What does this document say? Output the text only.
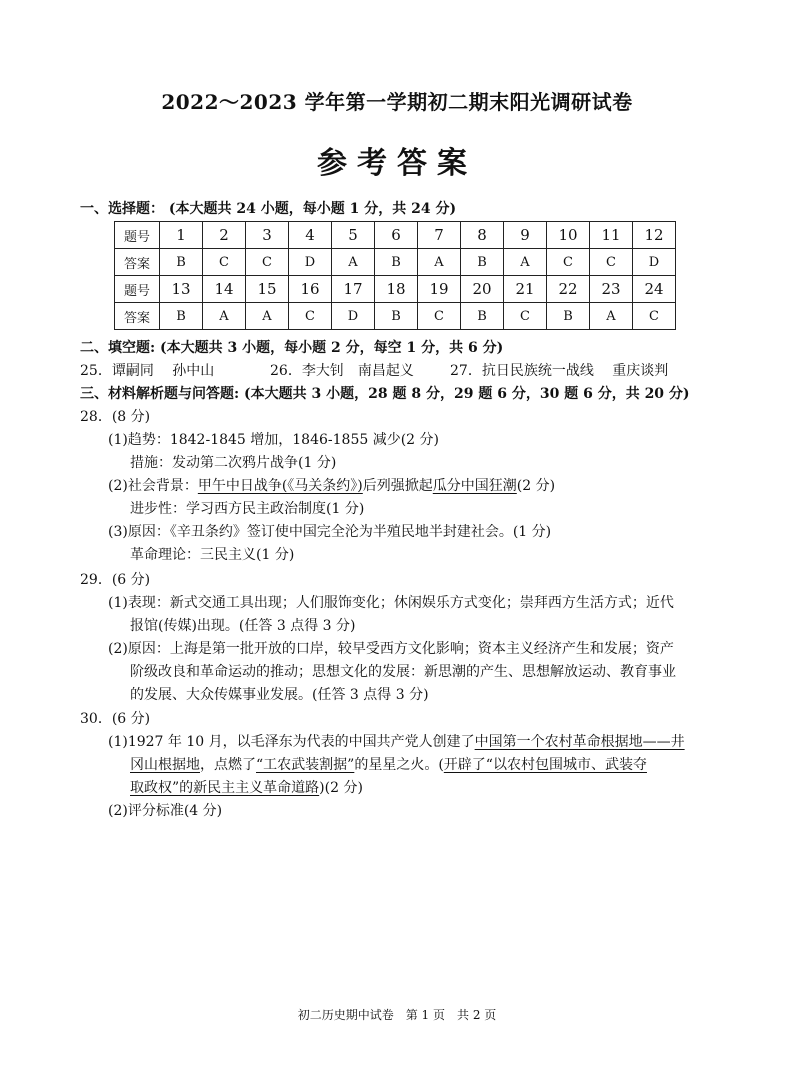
2022～2023 学年第一学期初二期末阳光调研试卷
参考答案
一、选择题： (本大题共 24 小题，每小题 1 分，共 24 分)
题号	1	2	3	4	5	6	7	8	9	10	11	12
答案	B	C	C	D	A	B	A	B	A	C	C	D
题号	13	14	15	16	17	18	19	20	21	22	23	24
答案	B	A	A	C	D	B	C	B	C	B	A	C
二、填空题: (本大题共 3 小题，每小题 2 分，每空 1 分，共 6 分)
25．谭嗣同　 孙中山	26．李大钊　南昌起义	27．抗日民族统一战线　 重庆谈判
三、材料解析题与问答题: (本大题共 3 小题，28 题 8 分，29 题 6 分，30 题 6 分，共 20 分)
28．(8 分)
(1)趋势：1842-1845 增加，1846-1855 减少(2 分)
措施：发动第二次鸦片战争(1 分)
(2)社会背景：甲午中日战争(《马关条约》)后列强掀起瓜分中国狂潮(2 分)
进步性：学习西方民主政治制度(1 分)
(3)原因：《辛丑条约》签订使中国完全沦为半殖民地半封建社会。(1 分)
革命理论：三民主义(1 分)
29．(6 分)
(1)表现：新式交通工具出现；人们服饰变化；休闲娱乐方式变化；崇拜西方生活方式；近代
报馆(传媒)出现。(任答 3 点得 3 分)
(2)原因：上海是第一批开放的口岸，较早受西方文化影响；资本主义经济产生和发展；资产
阶级改良和革命运动的推动；思想文化的发展：新思潮的产生、思想解放运动、教育事业
的发展、大众传媒事业发展。(任答 3 点得 3 分)
30．(6 分)
(1)1927 年 10 月，以毛泽东为代表的中国共产党人创建了中国第一个农村革命根据地——井
冈山根据地，点燃了“工农武装割据”的星星之火。(开辟了“以农村包围城市、武装夺
取政权”的新民主主义革命道路)(2 分)
(2)评分标准(4 分)
初二历史期中试卷　第 1 页　共 2 页
